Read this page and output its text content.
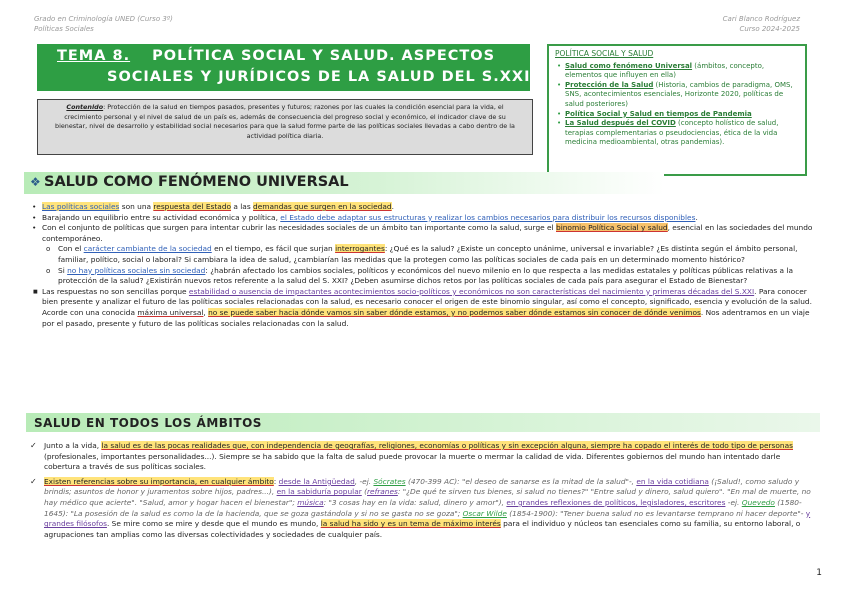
Grado en Criminología UNED (Curso 3º)
Políticas Sociales
Cari Blanco Rodríguez
Curso 2024-2025
TEMA 8. POLÍTICA SOCIAL Y SALUD. ASPECTOS
SOCIALES Y JURÍDICOS DE LA SALUD DEL S.XXI
POLÍTICA SOCIAL Y SALUD
• Salud como fenómeno Universal (ámbitos, concepto, elementos que influyen en ella)
• Protección de la Salud (Historia, cambios de paradigma, OMS, SNS, acontecimientos esenciales, Horizonte 2020, políticas de salud posteriores)
• Política Social y Salud en tiempos de Pandemia
• La Salud después del COVID (concepto holístico de salud, terapias complementarias o pseudociencias, ética de la vida medicina medioambiental, otras pandemias).
Contenido: Protección de la salud en tiempos pasados, presentes y futuros; razones por las cuales la condición esencial para la vida, el crecimiento personal y el nivel de salud de un país es, además de consecuencia del progreso social y económico, el indicador clave de su bienestar, nivel de desarrollo y estabilidad social necesarios para que la salud forme parte de las políticas sociales llevadas a cabo dentro de la actividad política diaria.
❖ SALUD COMO FENÓMENO UNIVERSAL
• Las políticas sociales son una respuesta del Estado a las demandas que surgen en la sociedad.
• Barajando un equilibrio entre su actividad económica y política, el Estado debe adaptar sus estructuras y realizar los cambios necesarios para distribuir los recursos disponibles.
• Con el conjunto de políticas que surgen para intentar cubrir las necesidades sociales de un ámbito tan importante como la salud, surge el binomio Política Social y salud, esencial en las sociedades del mundo contemporáneo.
o Con el carácter cambiante de la sociedad en el tiempo, es fácil que surjan interrogantes: ¿Qué es la salud? ¿Existe un concepto unánime, universal e invariable? ¿Es distinta según el ámbito personal, familiar, político, social o laboral? Si cambiara la idea de salud, ¿cambiarían las medidas que la protegen como las políticas sociales de cada país en un determinado momento histórico?
o Si no hay políticas sociales sin sociedad: ¿habrán afectado los cambios sociales, políticos y económicos del nuevo milenio en lo que respecta a las medidas estatales y políticas públicas relativas a la protección de la salud? ¿Existirán nuevos retos referente a la salud del S. XXI? ¿Deben asumirse dichos retos por las políticas sociales de cada país para asegurar el Estado de Bienestar?
■ Las respuestas no son sencillas porque estabilidad o ausencia de impactantes acontecimientos socio-políticos y económicos no son características del nacimiento y primeras décadas del S.XXI. Para conocer bien presente y analizar el futuro de las políticas sociales relacionadas con la salud, es necesario conocer el origen de este binomio singular, así como el concepto, significado, esencia y evolución de la salud. Acorde con una conocida máxima universal, no se puede saber hacia dónde vamos sin saber dónde estamos, y no podemos saber dónde estamos sin conocer de dónde venimos. Nos adentramos en un viaje por el pasado, presente y futuro de las políticas sociales relacionadas con la salud.
SALUD EN TODOS LOS ÁMBITOS
✓ Junto a la vida, la salud es de las pocas realidades que, con independencia de geografías, religiones, economías o políticas y sin excepción alguna, siempre ha copado el interés de todo tipo de personas (profesionales, importantes personalidades...). Siempre se ha sabido que la falta de salud puede provocar la muerte o mermar la calidad de vida. Diferentes gobiernos del mundo han intentado darle cobertura a través de sus políticas sociales.
✓ Existen referencias sobre su importancia, en cualquier ámbito: desde la Antigüedad, -ej. Sócrates (470-399 AC): "el deseo de sanarse es la mitad de la salud"-, en la vida cotidiana (¡Salud!, como saludo y brindis; asuntos de honor y juramentos sobre hijos, padres...), en la sabiduría popular (refranes: "¿De qué te sirven tus bienes, si salud no tienes?" "Entre salud y dinero, salud quiero". "En mal de muerte, no hay médico que acierte". "Salud, amor y hogar hacen el bienestar"; música: "3 cosas hay en la vida: salud, dinero y amor"), en grandes reflexiones de políticos, legisladores, escritores -ej. Quevedo (1580-1645): "La posesión de la salud es como la de la hacienda, que se goza gastándola y si no se gasta no se goza"; Oscar Wilde (1854-1900): "Tener buena salud no es levantarse temprano ni hacer deporte"- y grandes filósofos. Se mire como se mire y desde que el mundo es mundo, la salud ha sido y es un tema de máximo interés para el individuo y núcleos tan esenciales como su familia, su entorno laboral, o agrupaciones tan amplias como las diversas colectividades y sociedades de cualquier país.
1
